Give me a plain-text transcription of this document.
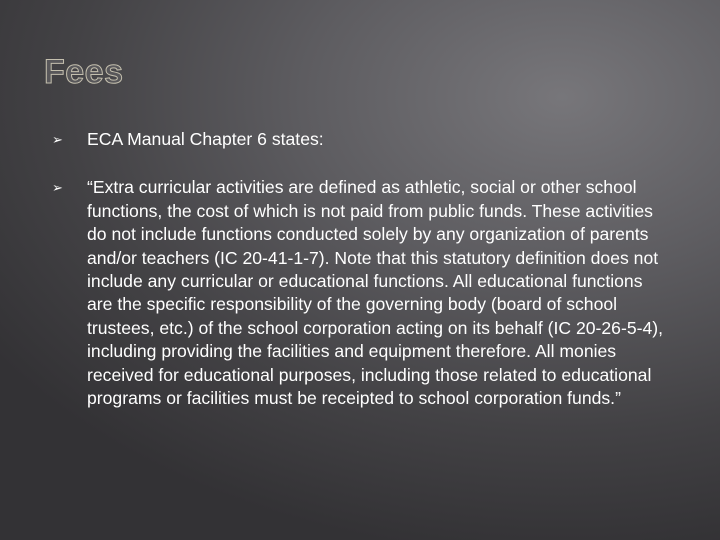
Fees
➢ ECA Manual Chapter 6 states:
➢ “Extra curricular activities are defined as athletic, social or other school functions, the cost of which is not paid from public funds. These activities do not include functions conducted solely by any organization of parents and/or teachers (IC 20-41-1-7). Note that this statutory definition does not include any curricular or educational functions. All educational functions are the specific responsibility of the governing body (board of school trustees, etc.) of the school corporation acting on its behalf (IC 20-26-5-4), including providing the facilities and equipment therefore. All monies received for educational purposes, including those related to educational programs or facilities must be receipted to school corporation funds.”
